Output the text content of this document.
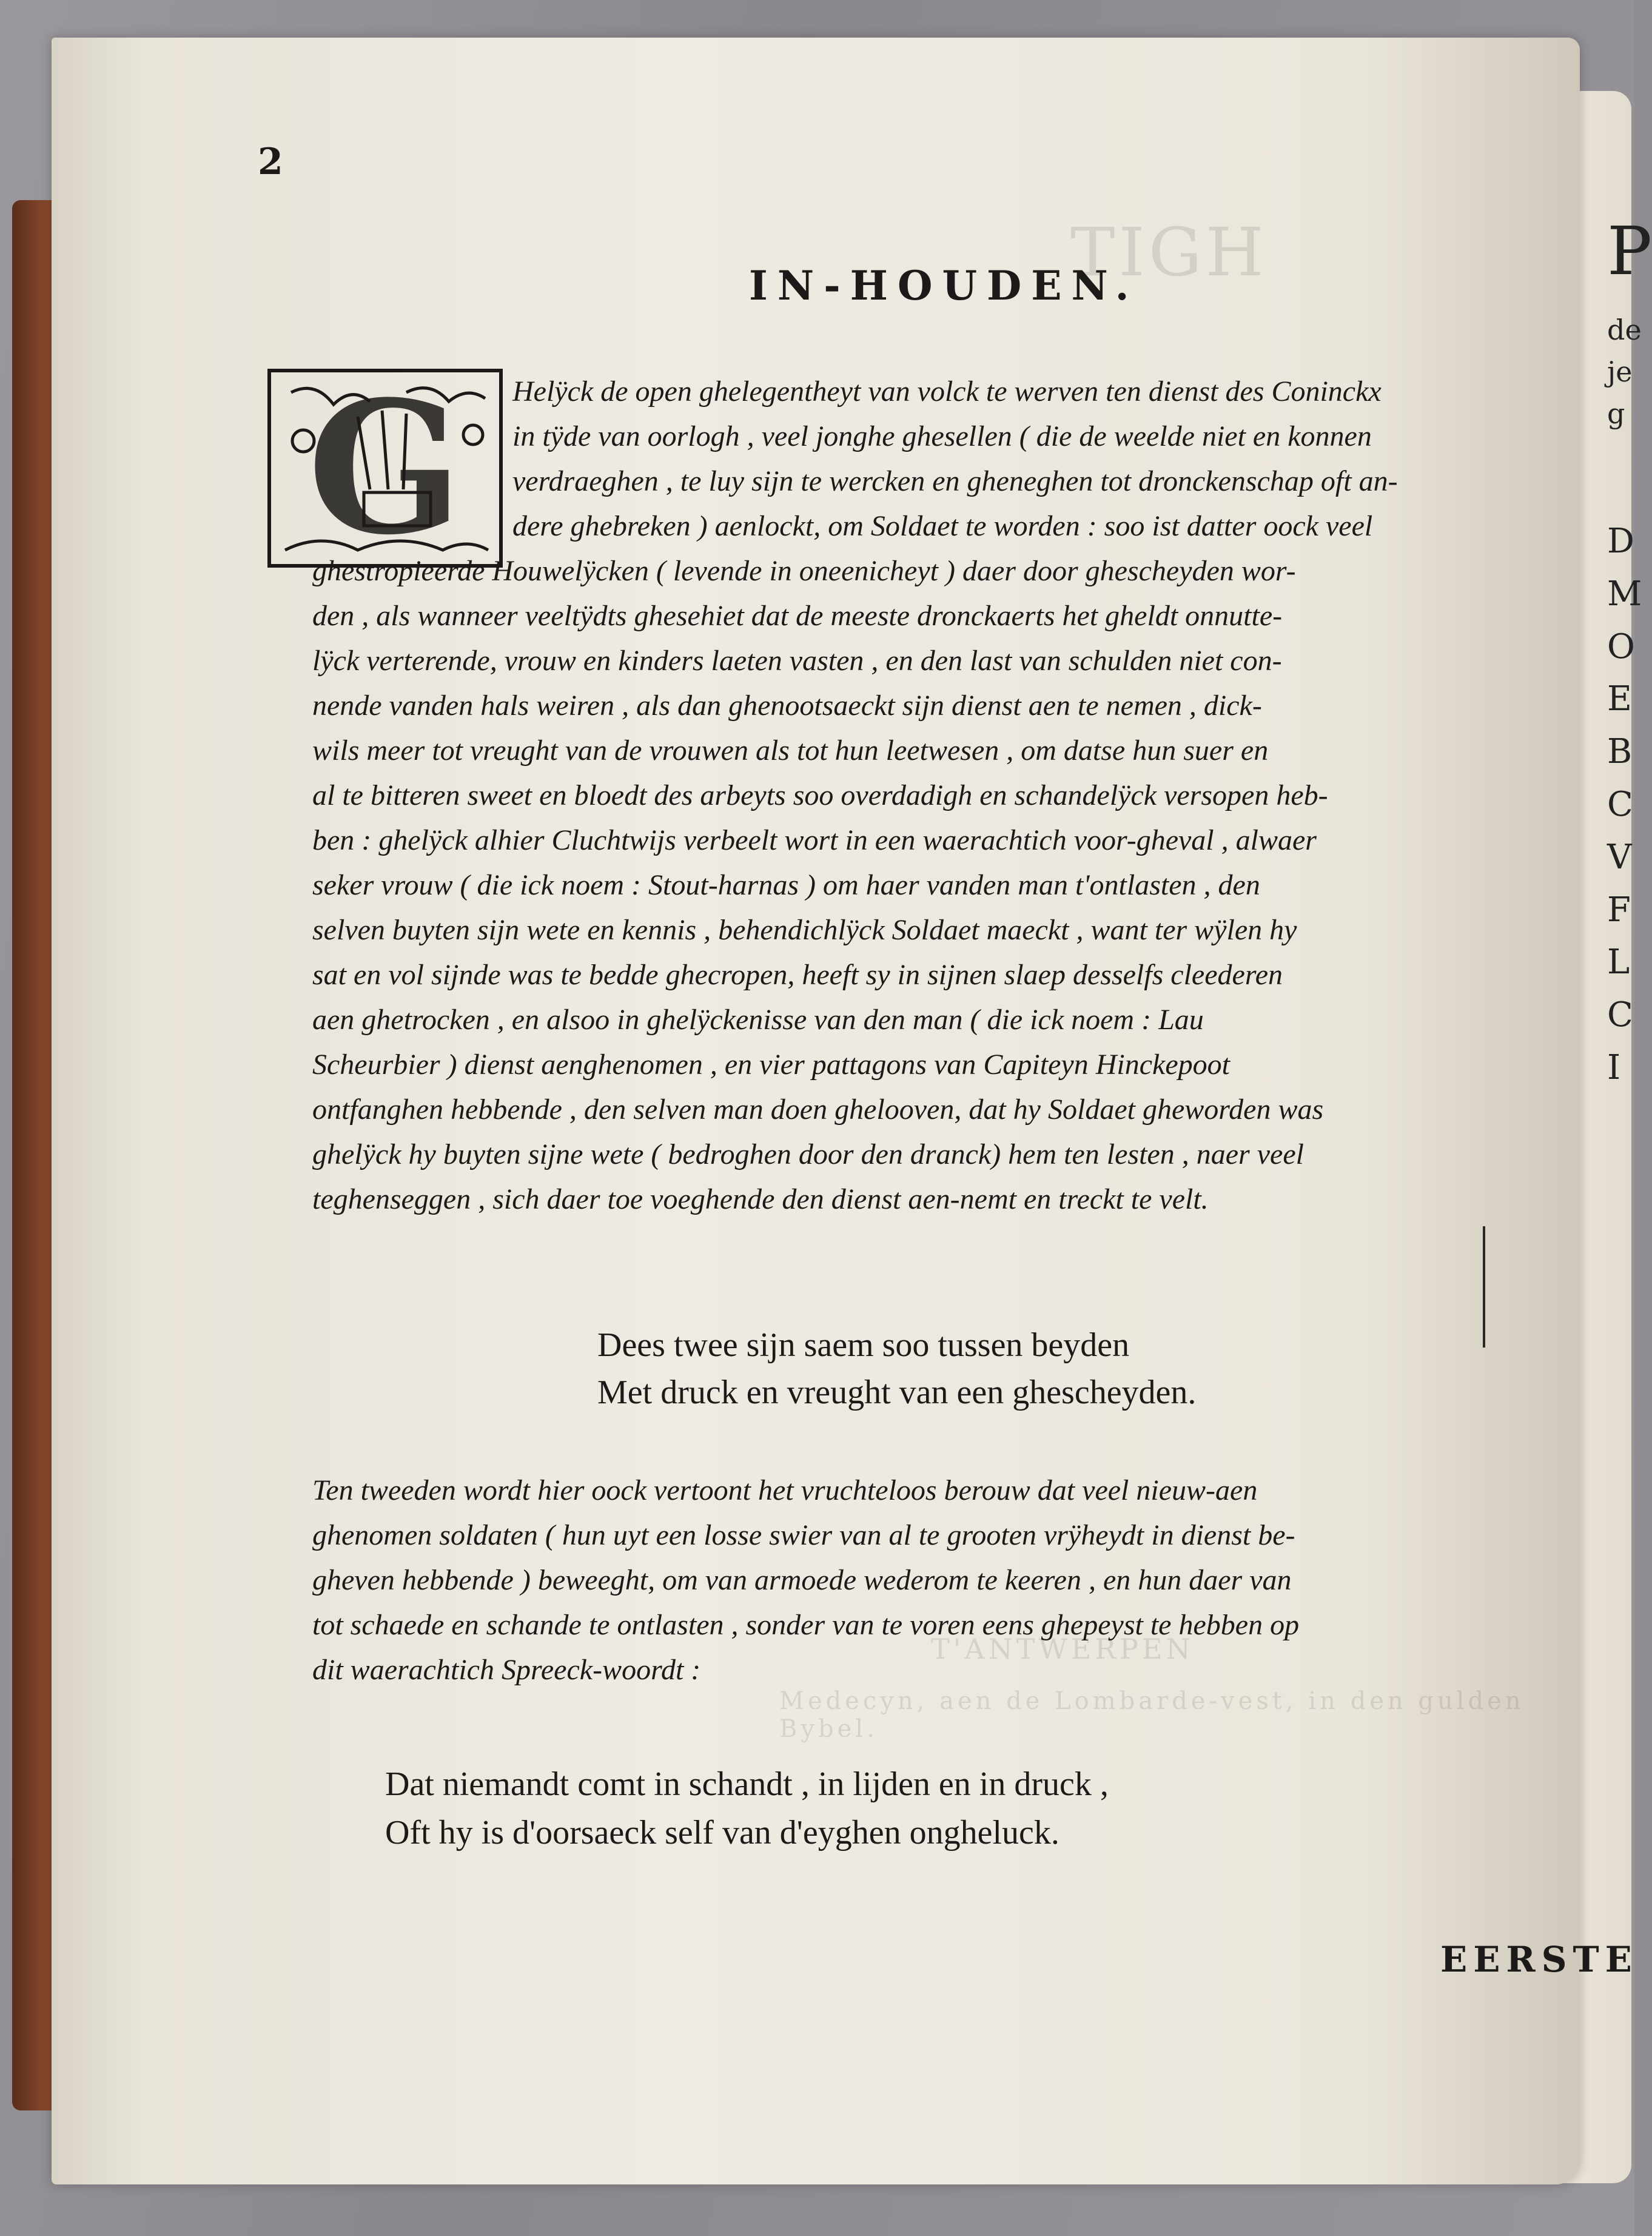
P
de
je
g
D
M
O
E
B
C
V
F
L
C
I
TIGH
T'ANTWERPEN
Medecyn, aen de Lombarde-vest, in den gulden Bybel.
2
IN-HOUDEN.
G Helÿck de open ghelegentheyt van volck te werven ten dienst des Coninckx
in tÿde van oorlogh , veel jonghe ghesellen ( die de weelde niet en konnen
verdraeghen , te luy sijn te wercken en gheneghen tot dronckenschap oft an-
dere ghebreken ) aenlockt, om Soldaet te worden : soo ist datter oock veel
ghestropieerde Houwelÿcken ( levende in oneenicheyt ) daer door ghescheyden wor-
den , als wanneer veeltÿdts ghesehiet dat de meeste dronckaerts het gheldt onnutte-
lÿck verterende, vrouw en kinders laeten vasten , en den last van schulden niet con-
nende vanden hals weiren , als dan ghenootsaeckt sijn dienst aen te nemen , dick-
wils meer tot vreught van de vrouwen als tot hun leetwesen , om datse hun suer en
al te bitteren sweet en bloedt des arbeyts soo overdadigh en schandelÿck versopen heb-
ben : ghelÿck alhier Cluchtwijs verbeelt wort in een waerachtich voor-gheval , alwaer
seker vrouw ( die ick noem : Stout-harnas ) om haer vanden man t'ontlasten , den
selven buyten sijn wete en kennis , behendichlÿck Soldaet maeckt , want ter wÿlen hy
sat en vol sijnde was te bedde ghecropen, heeft sy in sijnen slaep desselfs cleederen
aen ghetrocken , en alsoo in ghelÿckenisse van den man ( die ick noem : Lau
Scheurbier ) dienst aenghenomen , en vier pattagons van Capiteyn Hinckepoot
ontfanghen hebbende , den selven man doen ghelooven, dat hy Soldaet gheworden was
ghelÿck hy buyten sijne wete ( bedroghen door den dranck) hem ten lesten , naer veel
teghenseggen , sich daer toe voeghende den dienst aen-nemt en treckt te velt.
Dees twee sijn saem soo tussen beyden
Met druck en vreught van een ghescheyden.
Ten tweeden wordt hier oock vertoont het vruchteloos berouw dat veel nieuw-aen
ghenomen soldaten ( hun uyt een losse swier van al te grooten vrÿheydt in dienst be-
gheven hebbende ) beweeght, om van armoede wederom te keeren , en hun daer van
tot schaede en schande te ontlasten , sonder van te voren eens ghepeyst te hebben op
dit waerachtich Spreeck-woordt :
Dat niemandt comt in schandt , in lijden en in druck ,
Oft hy is d'oorsaeck self van d'eyghen ongheluck.
EERSTE
